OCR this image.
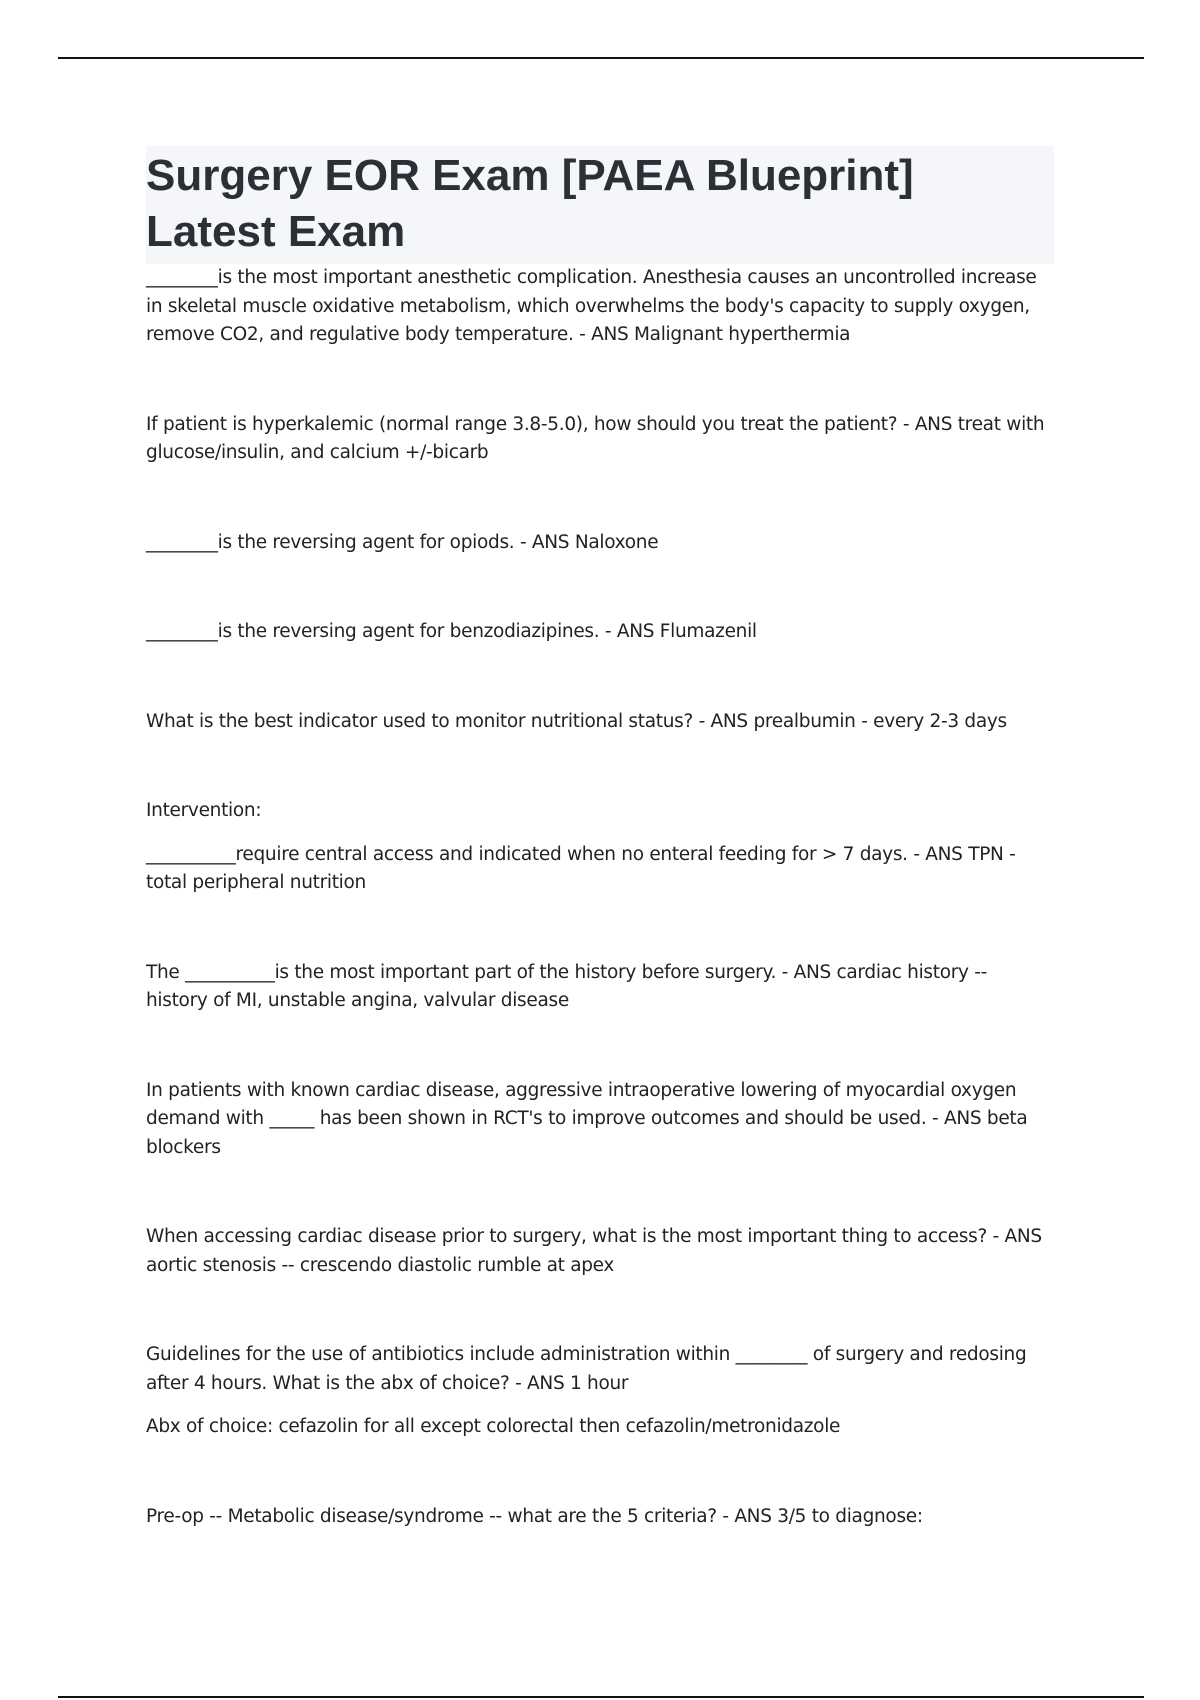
Surgery EOR Exam [PAEA Blueprint] Latest Exam

________is the most important anesthetic complication. Anesthesia causes an uncontrolled increase in skeletal muscle oxidative metabolism, which overwhelms the body's capacity to supply oxygen, remove CO2, and regulative body temperature. - ANS Malignant hyperthermia

If patient is hyperkalemic (normal range 3.8-5.0), how should you treat the patient? - ANS treat with glucose/insulin, and calcium +/-bicarb

________is the reversing agent for opiods. - ANS Naloxone

________is the reversing agent for benzodiazipines. - ANS Flumazenil

What is the best indicator used to monitor nutritional status? - ANS prealbumin - every 2-3 days

Intervention:

__________require central access and indicated when no enteral feeding for > 7 days. - ANS TPN - total peripheral nutrition

The __________is the most important part of the history before surgery. - ANS cardiac history -- history of MI, unstable angina, valvular disease

In patients with known cardiac disease, aggressive intraoperative lowering of myocardial oxygen demand with _____ has been shown in RCT's to improve outcomes and should be used. - ANS beta blockers

When accessing cardiac disease prior to surgery, what is the most important thing to access? - ANS aortic stenosis -- crescendo diastolic rumble at apex

Guidelines for the use of antibiotics include administration within ________ of surgery and redosing after 4 hours. What is the abx of choice? - ANS 1 hour

Abx of choice: cefazolin for all except colorectal then cefazolin/metronidazole

Pre-op -- Metabolic disease/syndrome -- what are the 5 criteria? - ANS 3/5 to diagnose:
